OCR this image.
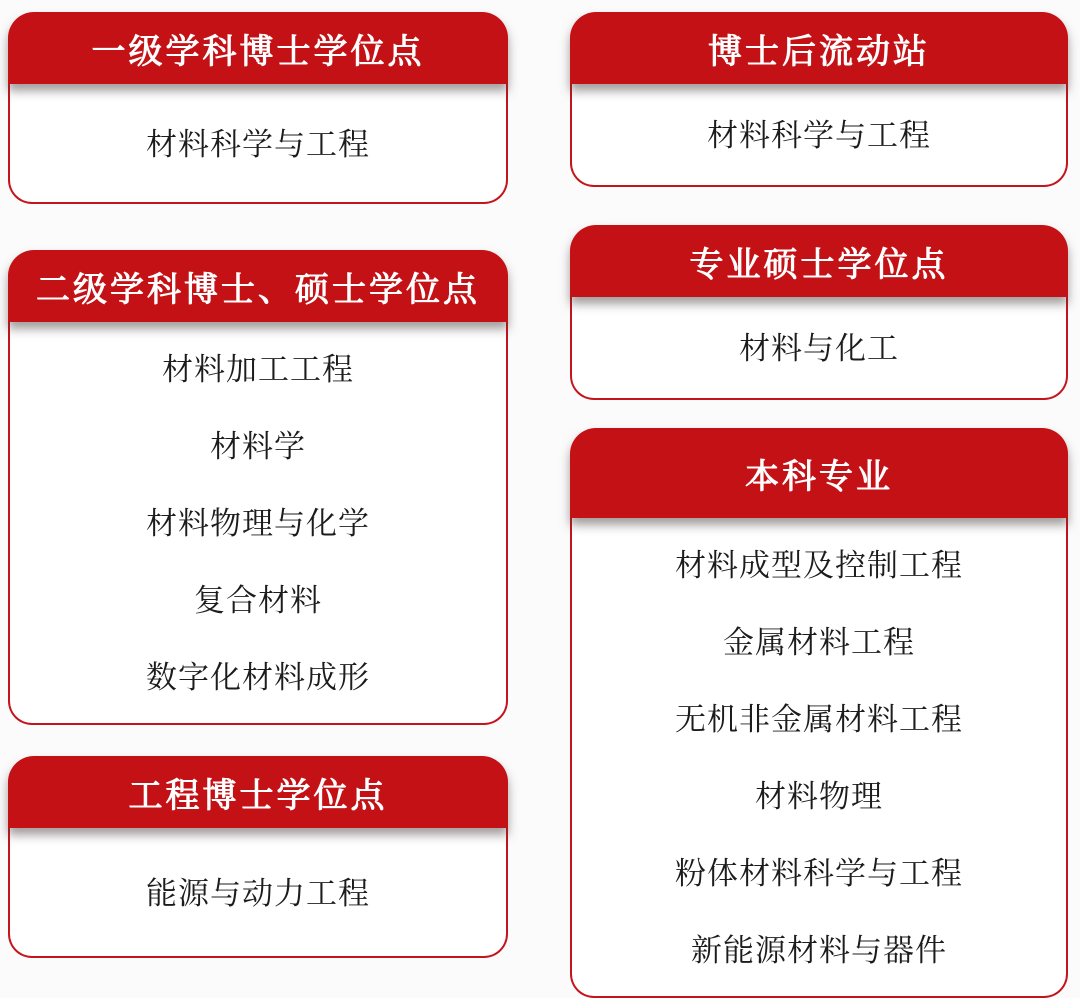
一级学科博士学位点
材料科学与工程
二级学科博士、硕士学位点
材料加工工程
材料学
材料物理与化学
复合材料
数字化材料成形
工程博士学位点
能源与动力工程
博士后流动站
材料科学与工程
专业硕士学位点
材料与化工
本科专业
材料成型及控制工程
金属材料工程
无机非金属材料工程
材料物理
粉体材料科学与工程
新能源材料与器件
